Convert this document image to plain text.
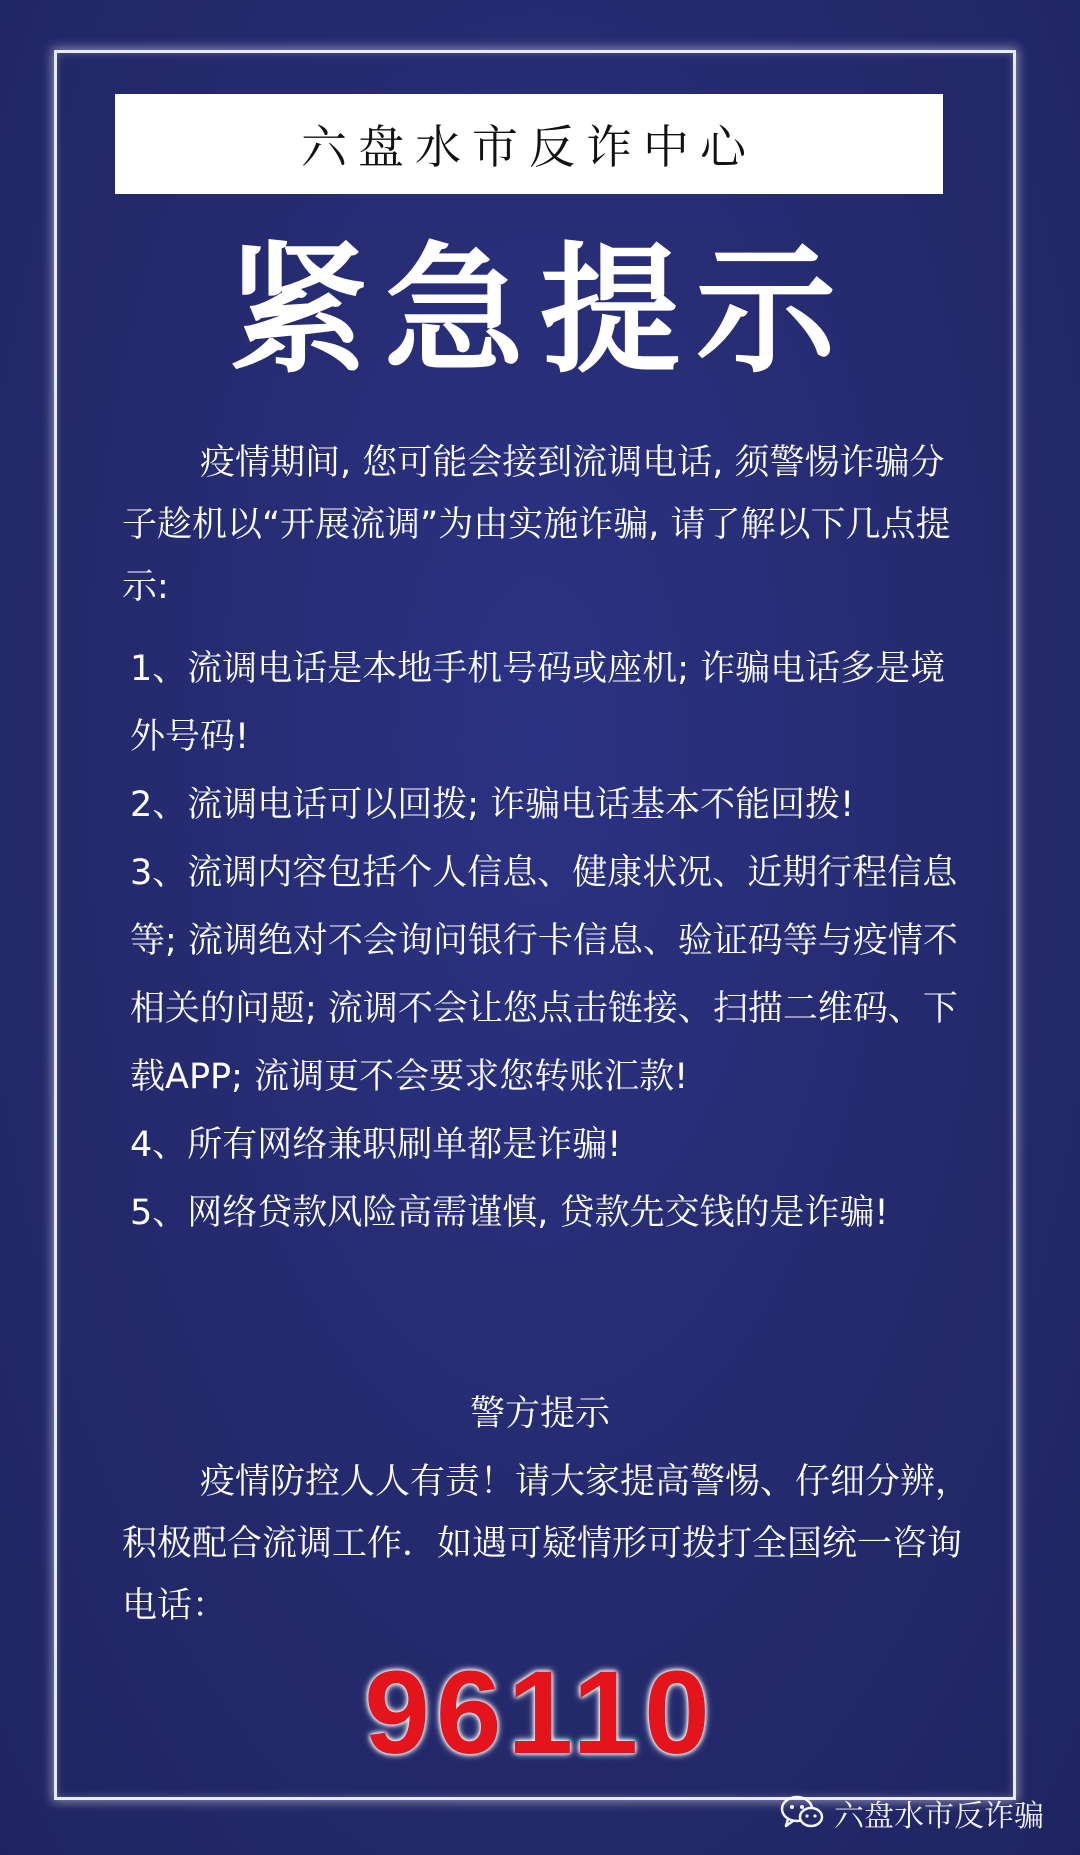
六盘水市反诈中心
紧急提示
疫情期间, 您可能会接到流调电话, 须警惕诈骗分子趁机以“开展流调”为由实施诈骗, 请了解以下几点提示:

1、流调电话是本地手机号码或座机; 诈骗电话多是境外号码!

2、流调电话可以回拨; 诈骗电话基本不能回拨!

3、流调内容包括个人信息、健康状况、近期行程信息等; 流调绝对不会询问银行卡信息、验证码等与疫情不相关的问题; 流调不会让您点击链接、扫描二维码、下载APP; 流调更不会要求您转账汇款!

4、所有网络兼职刷单都是诈骗!

5、网络贷款风险高需谨慎, 贷款先交钱的是诈骗!

警方提示
疫情防控人人有责！请大家提高警惕、仔细分辨，积极配合流调工作．如遇可疑情形可拨打全国统一咨询电话：
96110
六盘水市反诈骗
